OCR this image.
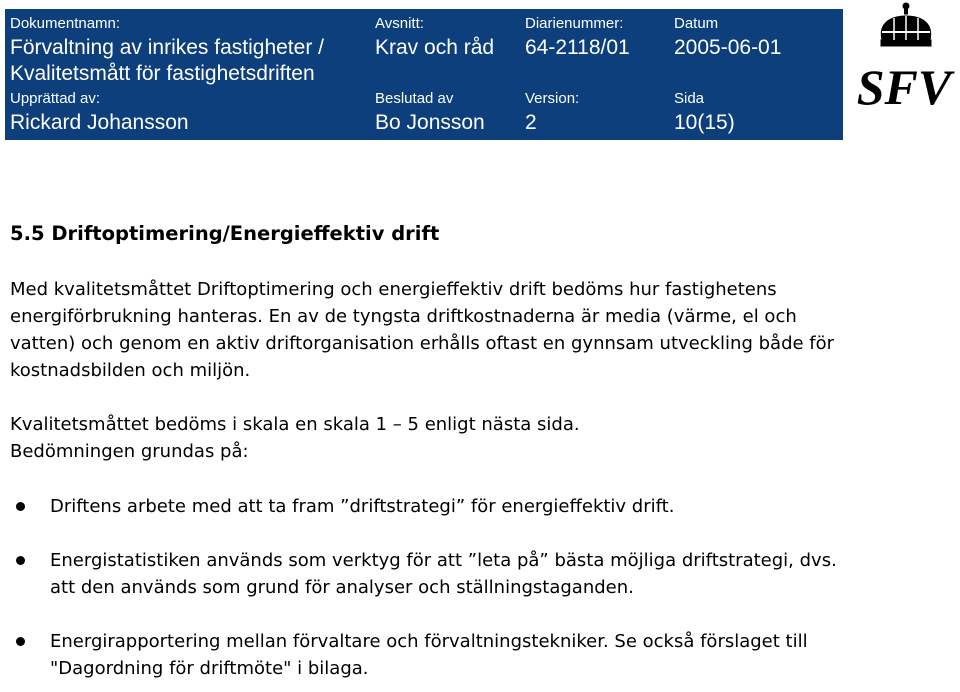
Dokumentnamn:
Förvaltning av inrikes fastigheter /
Kvalitetsmått för fastighetsdriften
Avsnitt:
Krav och råd
Diarienummer:
64-2118/01
Datum
2005-06-01
Upprättad av:
Rickard Johansson
Beslutad av
Bo Jonsson
Version:
2
Sida
10(15)
SFV

5.5 Driftoptimering/Energieffektiv drift

Med kvalitetsmåttet Driftoptimering och energieffektiv drift bedöms hur fastighetens
energiförbrukning hanteras. En av de tyngsta driftkostnaderna är media (värme, el och
vatten) och genom en aktiv driftorganisation erhålls oftast en gynnsam utveckling både för
kostnadsbilden och miljön.

Kvalitetsmåttet bedöms i skala en skala 1 – 5 enligt nästa sida.
Bedömningen grundas på:

Driftens arbete med att ta fram ”driftstrategi” för energieffektiv drift.

Energistatistiken används som verktyg för att ”leta på” bästa möjliga driftstrategi, dvs.
att den används som grund för analyser och ställningstaganden.

Energirapportering mellan förvaltare och förvaltningstekniker. Se också förslaget till
"Dagordning för driftmöte" i bilaga.
